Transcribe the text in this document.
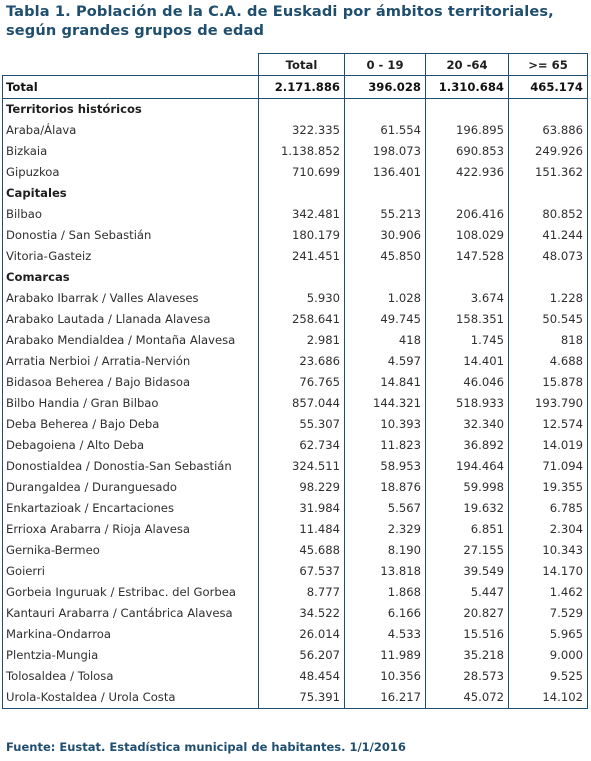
Tabla 1. Población de la C.A. de Euskadi por ámbitos territoriales,
según grandes grupos de edad
	Total	0 - 19	20 -64	>= 65
Total	2.171.886	396.028	1.310.684	465.174
Territorios históricos				
Araba/Álava	322.335	61.554	196.895	63.886
Bizkaia	1.138.852	198.073	690.853	249.926
Gipuzkoa	710.699	136.401	422.936	151.362
Capitales				
Bilbao	342.481	55.213	206.416	80.852
Donostia / San Sebastián	180.179	30.906	108.029	41.244
Vitoria-Gasteiz	241.451	45.850	147.528	48.073
Comarcas				
Arabako Ibarrak / Valles Alaveses	5.930	1.028	3.674	1.228
Arabako Lautada / Llanada Alavesa	258.641	49.745	158.351	50.545
Arabako Mendialdea / Montaña Alavesa	2.981	418	1.745	818
Arratia Nerbioi / Arratia-Nervión	23.686	4.597	14.401	4.688
Bidasoa Beherea / Bajo Bidasoa	76.765	14.841	46.046	15.878
Bilbo Handia / Gran Bilbao	857.044	144.321	518.933	193.790
Deba Beherea / Bajo Deba	55.307	10.393	32.340	12.574
Debagoiena / Alto Deba	62.734	11.823	36.892	14.019
Donostialdea / Donostia-San Sebastián	324.511	58.953	194.464	71.094
Durangaldea / Duranguesado	98.229	18.876	59.998	19.355
Enkartazioak / Encartaciones	31.984	5.567	19.632	6.785
Errioxa Arabarra / Rioja Alavesa	11.484	2.329	6.851	2.304
Gernika-Bermeo	45.688	8.190	27.155	10.343
Goierri	67.537	13.818	39.549	14.170
Gorbeia Inguruak / Estribac. del Gorbea	8.777	1.868	5.447	1.462
Kantauri Arabarra / Cantábrica Alavesa	34.522	6.166	20.827	7.529
Markina-Ondarroa	26.014	4.533	15.516	5.965
Plentzia-Mungia	56.207	11.989	35.218	9.000
Tolosaldea / Tolosa	48.454	10.356	28.573	9.525
Urola-Kostaldea / Urola Costa	75.391	16.217	45.072	14.102
Fuente: Eustat. Estadística municipal de habitantes. 1/1/2016
